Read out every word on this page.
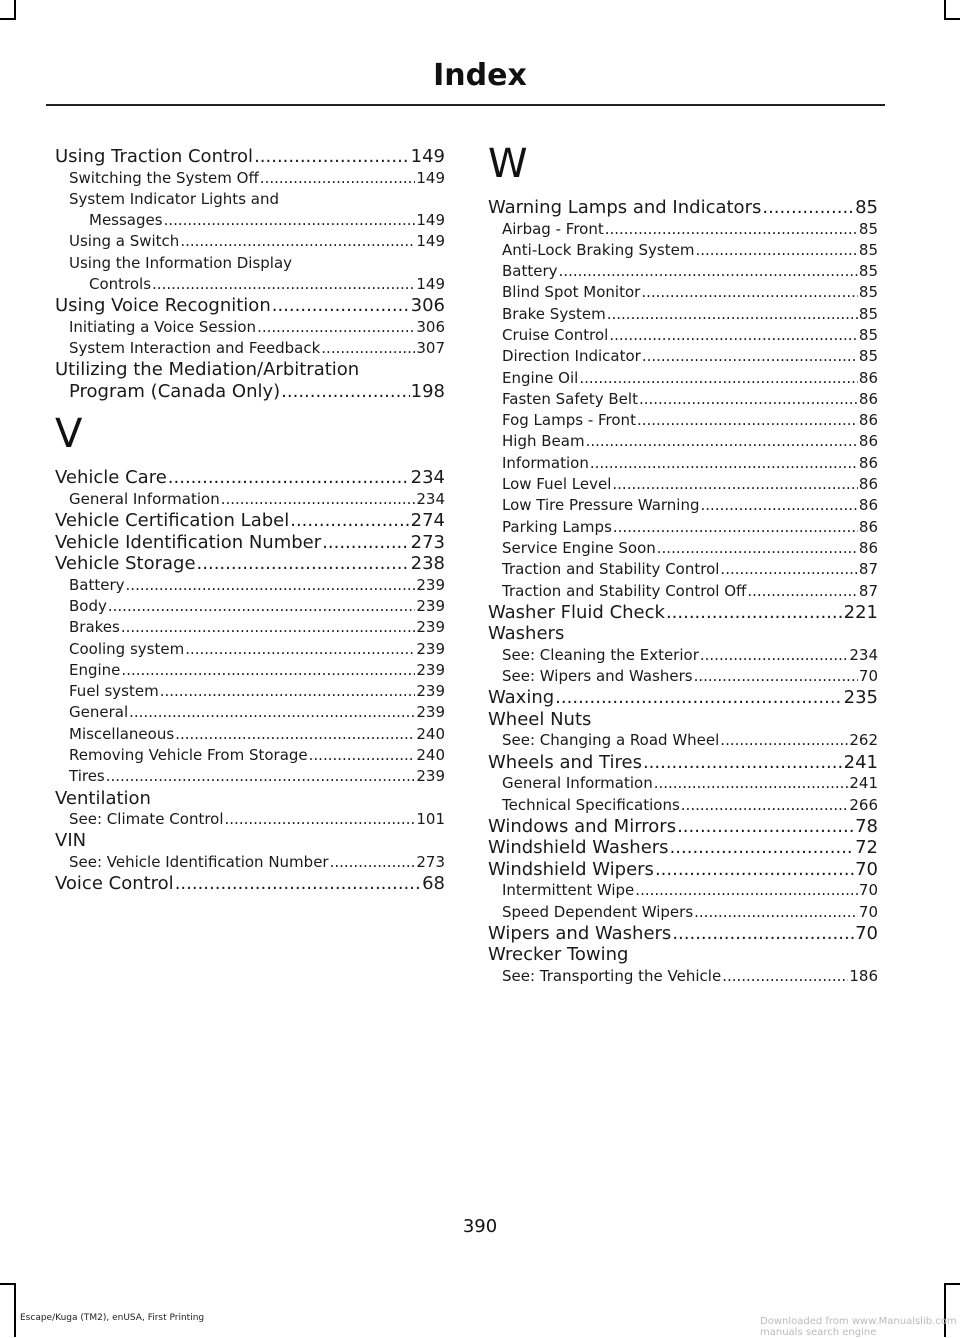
Index
Using Traction Control .....	149
Switching the System Off .....	149
System Indicator Lights and
Messages .....	149
Using a Switch .....	149
Using the Information Display
Controls .....	149
Using Voice Recognition .....	306
Initiating a Voice Session .....	306
System Interaction and Feedback .....	307
Utilizing the Mediation/Arbitration
Program (Canada Only) .....	198
V
Vehicle Care .....	234
General Information .....	234
Vehicle Certification Label .....	274
Vehicle Identification Number .....	273
Vehicle Storage .....	238
Battery .....	239
Body .....	239
Brakes .....	239
Cooling system .....	239
Engine .....	239
Fuel system .....	239
General .....	239
Miscellaneous .....	240
Removing Vehicle From Storage .....	240
Tires .....	239
Ventilation
See: Climate Control .....	101
VIN
See: Vehicle Identification Number .....	273
Voice Control .....	68
W
Warning Lamps and Indicators .....	85
Airbag - Front .....	85
Anti-Lock Braking System .....	85
Battery .....	85
Blind Spot Monitor .....	85
Brake System .....	85
Cruise Control .....	85
Direction Indicator .....	85
Engine Oil .....	86
Fasten Safety Belt .....	86
Fog Lamps - Front .....	86
High Beam .....	86
Information .....	86
Low Fuel Level .....	86
Low Tire Pressure Warning .....	86
Parking Lamps .....	86
Service Engine Soon .....	86
Traction and Stability Control .....	87
Traction and Stability Control Off .....	87
Washer Fluid Check .....	221
Washers
See: Cleaning the Exterior .....	234
See: Wipers and Washers .....	70
Waxing .....	235
Wheel Nuts
See: Changing a Road Wheel .....	262
Wheels and Tires .....	241
General Information .....	241
Technical Specifications .....	266
Windows and Mirrors .....	78
Windshield Washers .....	72
Windshield Wipers .....	70
Intermittent Wipe .....	70
Speed Dependent Wipers .....	70
Wipers and Washers .....	70
Wrecker Towing
See: Transporting the Vehicle .....	186
390
Escape/Kuga (TM2), enUSA, First Printing	Downloaded from www.Manualslib.com manuals search engine
